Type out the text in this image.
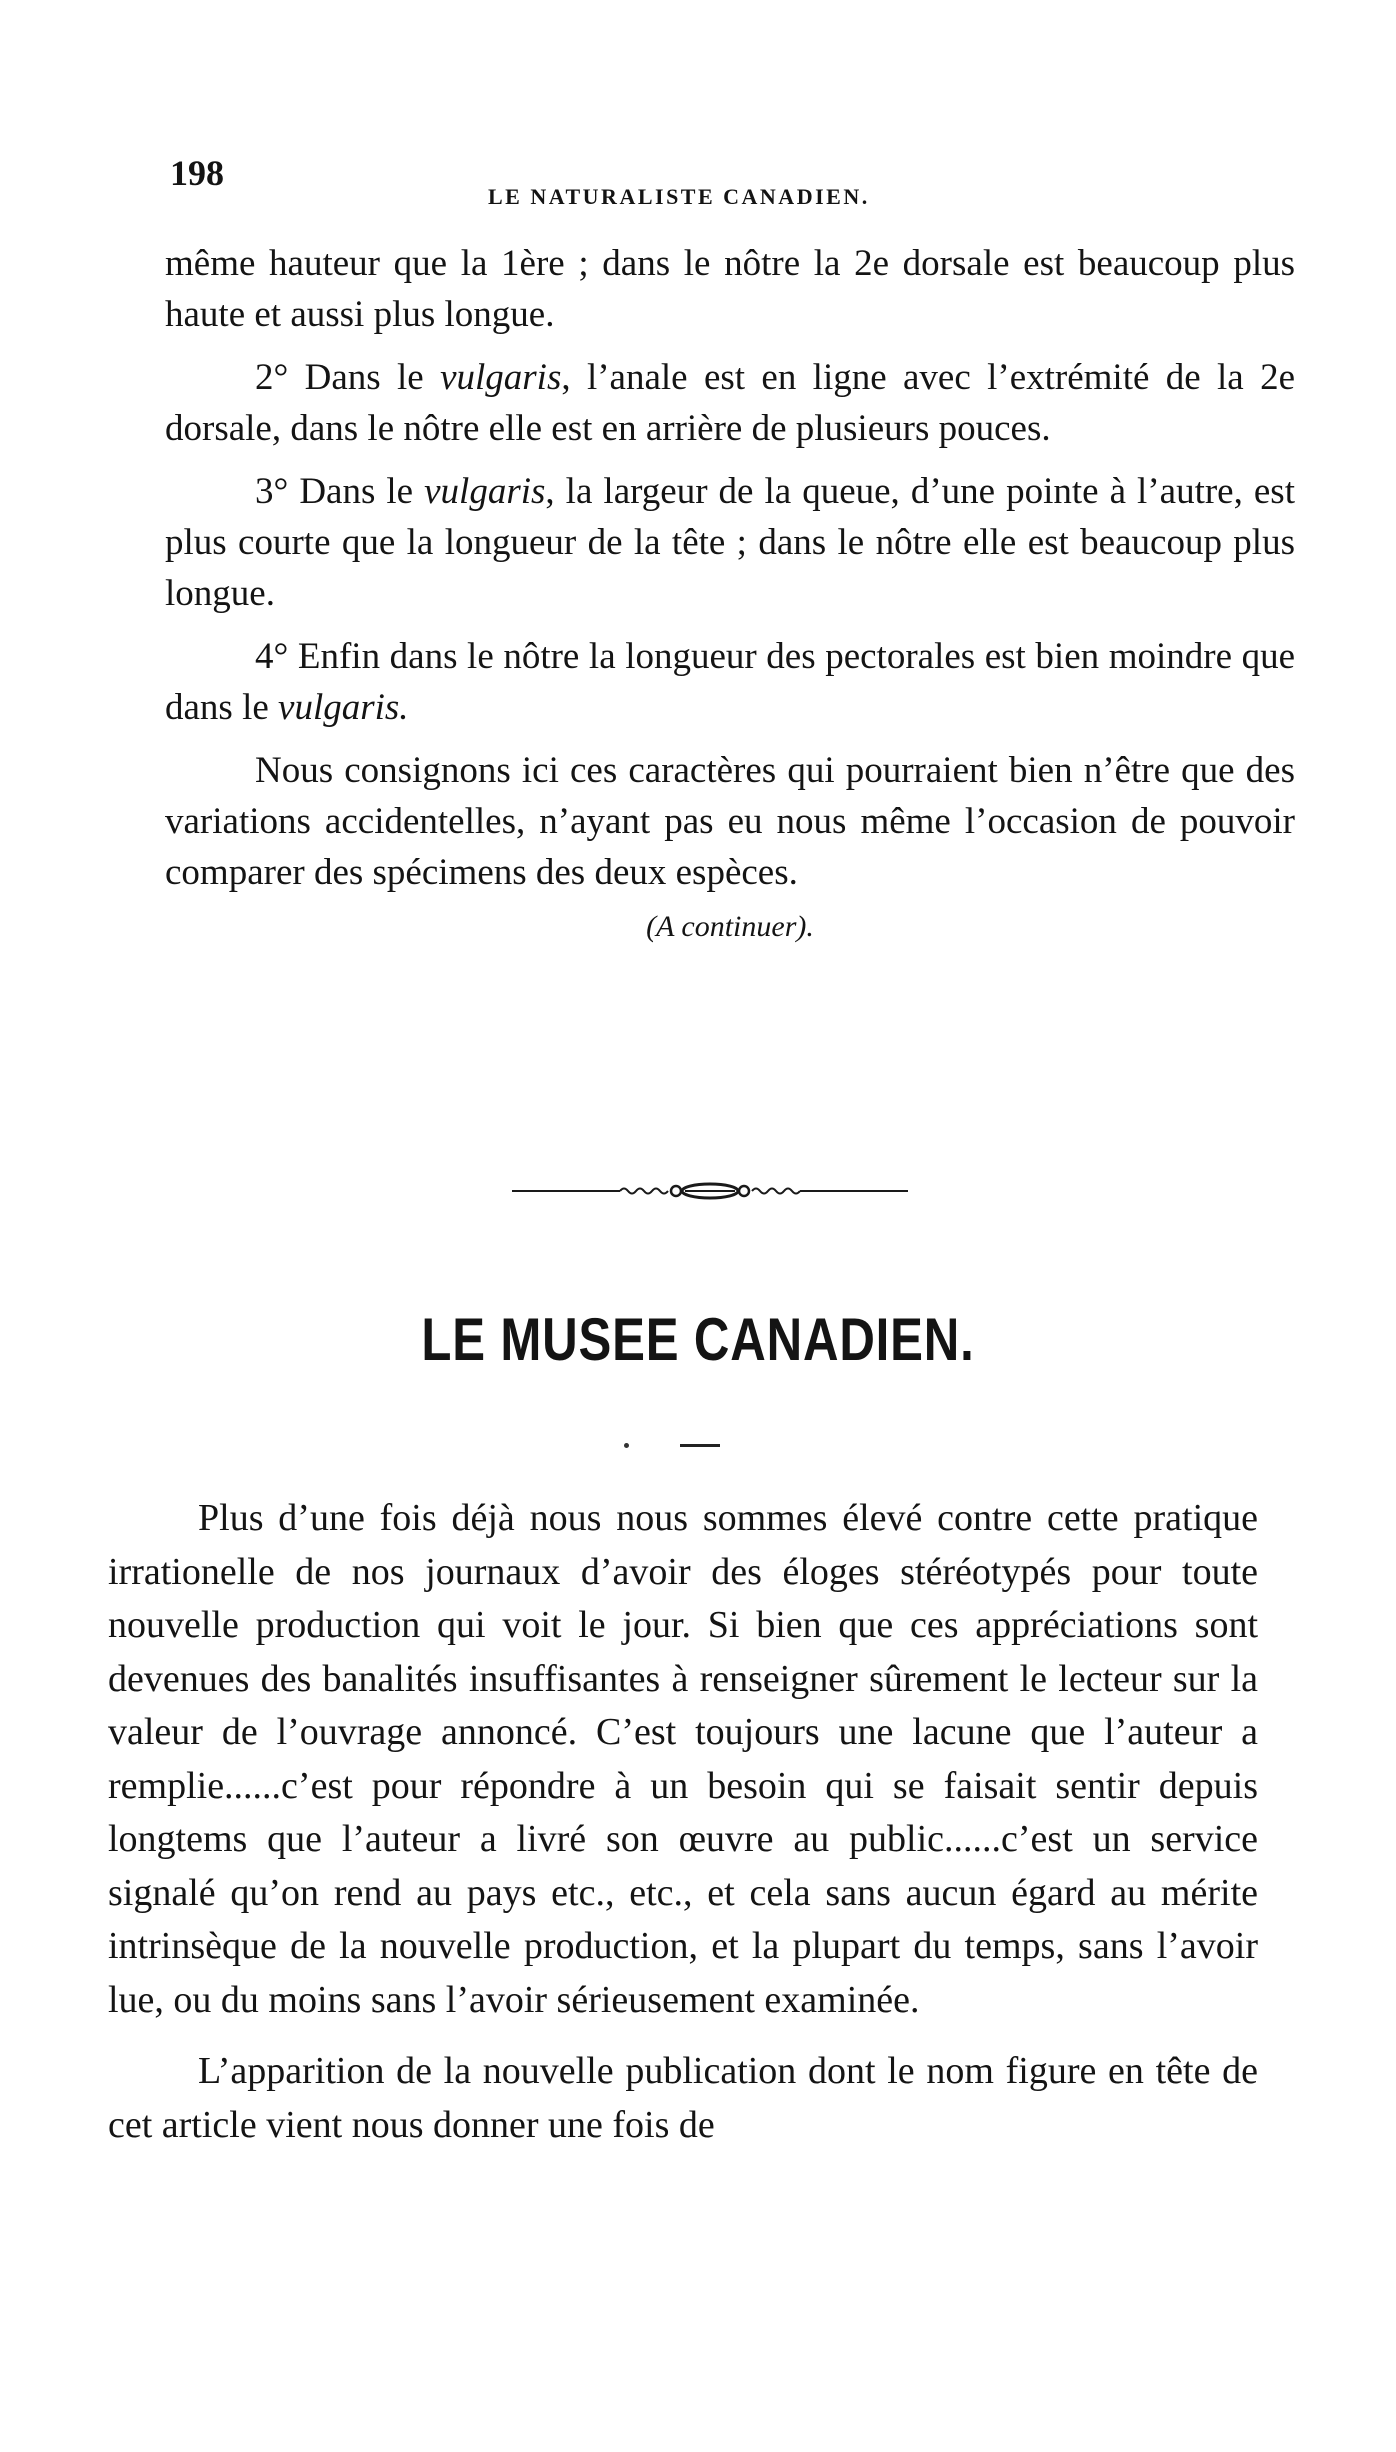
198
LE NATURALISTE CANADIEN.

même hauteur que la 1ère ; dans le nôtre la 2e dorsale est beaucoup plus haute et aussi plus longue.

2° Dans le vulgaris, l’anale est en ligne avec l’extrémité de la 2e dorsale, dans le nôtre elle est en arrière de plusieurs pouces.

3° Dans le vulgaris, la largeur de la queue, d’une pointe à l’autre, est plus courte que la longueur de la tête ; dans le nôtre elle est beaucoup plus longue.

4° Enfin dans le nôtre la longueur des pectorales est bien moindre que dans le vulgaris.

Nous consignons ici ces caractères qui pourraient bien n’être que des variations accidentelles, n’ayant pas eu nous même l’occasion de pouvoir comparer des spécimens des deux espèces.

(A continuer).

LE MUSEE CANADIEN.

Plus d’une fois déjà nous nous sommes élevé contre cette pratique irrationelle de nos journaux d’avoir des éloges stéréotypés pour toute nouvelle production qui voit le jour. Si bien que ces appréciations sont devenues des banalités insuffisantes à renseigner sûrement le lecteur sur la valeur de l’ouvrage annoncé. C’est toujours une lacune que l’auteur a remplie......c’est pour répondre à un besoin qui se faisait sentir depuis longtems que l’auteur a livré son œuvre au public......c’est un service signalé qu’on rend au pays etc., etc., et cela sans aucun égard au mérite intrinsèque de la nouvelle production, et la plupart du temps, sans l’avoir lue, ou du moins sans l’avoir sérieusement examinée.

L’apparition de la nouvelle publication dont le nom figure en tête de cet article vient nous donner une fois de
